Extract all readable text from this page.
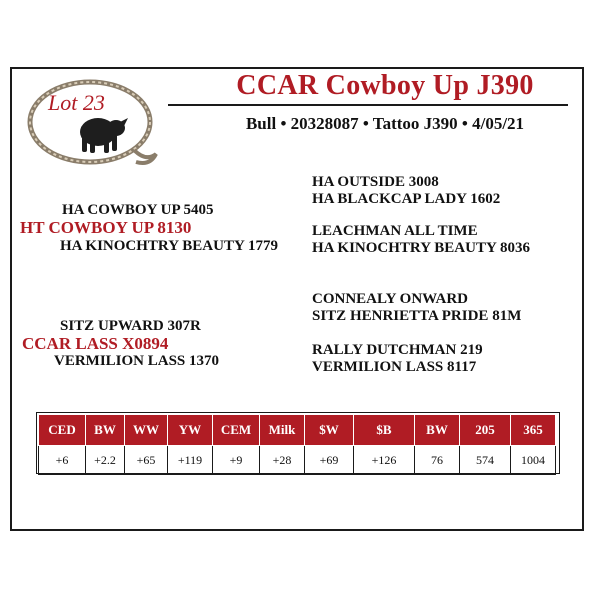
Lot 23
CCAR Cowboy Up J390
Bull • 20328087 • Tattoo J390 • 4/05/21
HA COWBOY UP 5405
HT COWBOY UP 8130
HA KINOCHTRY BEAUTY 1779
HA OUTSIDE 3008
HA BLACKCAP LADY 1602
LEACHMAN ALL TIME
HA KINOCHTRY BEAUTY 8036
SITZ UPWARD 307R
CCAR LASS X0894
VERMILION LASS 1370
CONNEALY ONWARD
SITZ HENRIETTA PRIDE 81M
RALLY DUTCHMAN 219
VERMILION LASS 8117
CED	BW	WW	YW	CEM	Milk	$W	$B	BW	205	365
+6	+2.2	+65	+119	+9	+28	+69	+126	76	574	1004
